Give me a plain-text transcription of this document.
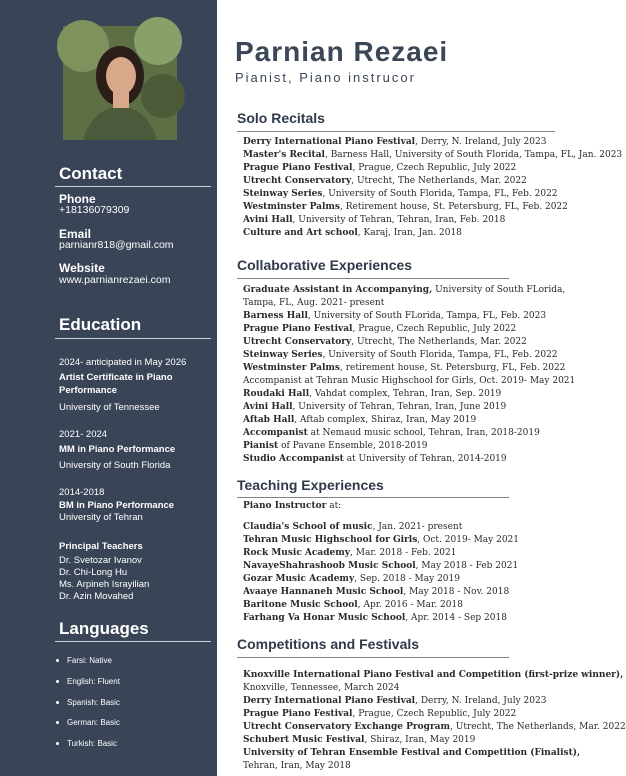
Contact
Phone
+18136079309
Email
parnianr818@gmail.com
Website
www.parnianrezaei.com
Education
2024- anticipated in May 2026
Artist Certificate in Piano
Performance
University of Tennessee
2021- 2024
MM in Piano Performance
University of South Florida
2014-2018
BM in Piano Performance
University of Tehran
Principal Teachers
Dr. Svetozar Ivanov
Dr. Chi-Long Hu
Ms. Arpineh Israyilian
Dr. Azin Movahed
Languages
Farsi: Native
English: Fluent
Spanish: Basic
German: Basic
Turkish: Basic
Parnian Rezaei
Pianist, Piano instrucor
Solo Recitals
Derry International Piano Festival, Derry, N. Ireland, July 2023
Master's Recital, Barness Hall, University of South Florida, Tampa, FL, Jan. 2023
Prague Piano Festival, Prague, Czech Republic, July 2022
Utrecht Conservatory, Utrecht, The Netherlands, Mar. 2022
Steinway Series, University of South Florida, Tampa, FL, Feb. 2022
Westminster Palms, Retirement house, St. Petersburg, FL, Feb. 2022
Avini Hall, University of Tehran, Tehran, Iran, Feb. 2018
Culture and Art school, Karaj, Iran, Jan. 2018
Collaborative Experiences
Graduate Assistant in Accompanying, University of South FLorida,
Tampa, FL, Aug. 2021- present
Barness Hall, University of South FLorida, Tampa, FL, Feb. 2023
Prague Piano Festival, Prague, Czech Republic, July 2022
Utrecht Conservatory, Utrecht, The Netherlands, Mar. 2022
Steinway Series, University of South Florida, Tampa, FL, Feb. 2022
Westminster Palms, retirement house, St. Petersburg, FL, Feb. 2022
Accompanist at Tehran Music Highschool for Girls, Oct. 2019- May 2021
Roudaki Hall, Vahdat complex, Tehran, Iran, Sep. 2019
Avini Hall, University of Tehran, Tehran, Iran, June 2019
Aftab Hall, Aftab complex, Shiraz, Iran, May 2019
Accompanist at Nemaud music school, Tehran, Iran, 2018-2019
Pianist of Pavane Ensemble, 2018-2019
Studio Accompanist at University of Tehran, 2014-2019
Teaching Experiences
Piano Instructor at:
Claudia's School of music, Jan. 2021- present
Tehran Music Highschool for Girls, Oct. 2019- May 2021
Rock Music Academy, Mar. 2018 - Feb. 2021
NavayeShahrashoob Music School, May 2018 - Feb 2021
Gozar Music Academy, Sep. 2018 - May 2019
Avaaye Hannaneh Music School, May 2018 - Nov. 2018
Baritone Music School, Apr. 2016 - Mar. 2018
Farhang Va Honar Music School, Apr. 2014 - Sep 2018
Competitions and Festivals
Knoxville International Piano Festival and Competition (first-prize winner),
Knoxville, Tennessee, March 2024
Derry International Piano Festival, Derry, N. Ireland, July 2023
Prague Piano Festival, Prague, Czech Republic, July 2022
Utrecht Conservatory Exchange Program, Utrecht, The Netherlands, Mar. 2022
Schubert Music Festival, Shiraz, Iran, May 2019
University of Tehran Ensemble Festival and Competition (Finalist),
Tehran, Iran, May 2018
